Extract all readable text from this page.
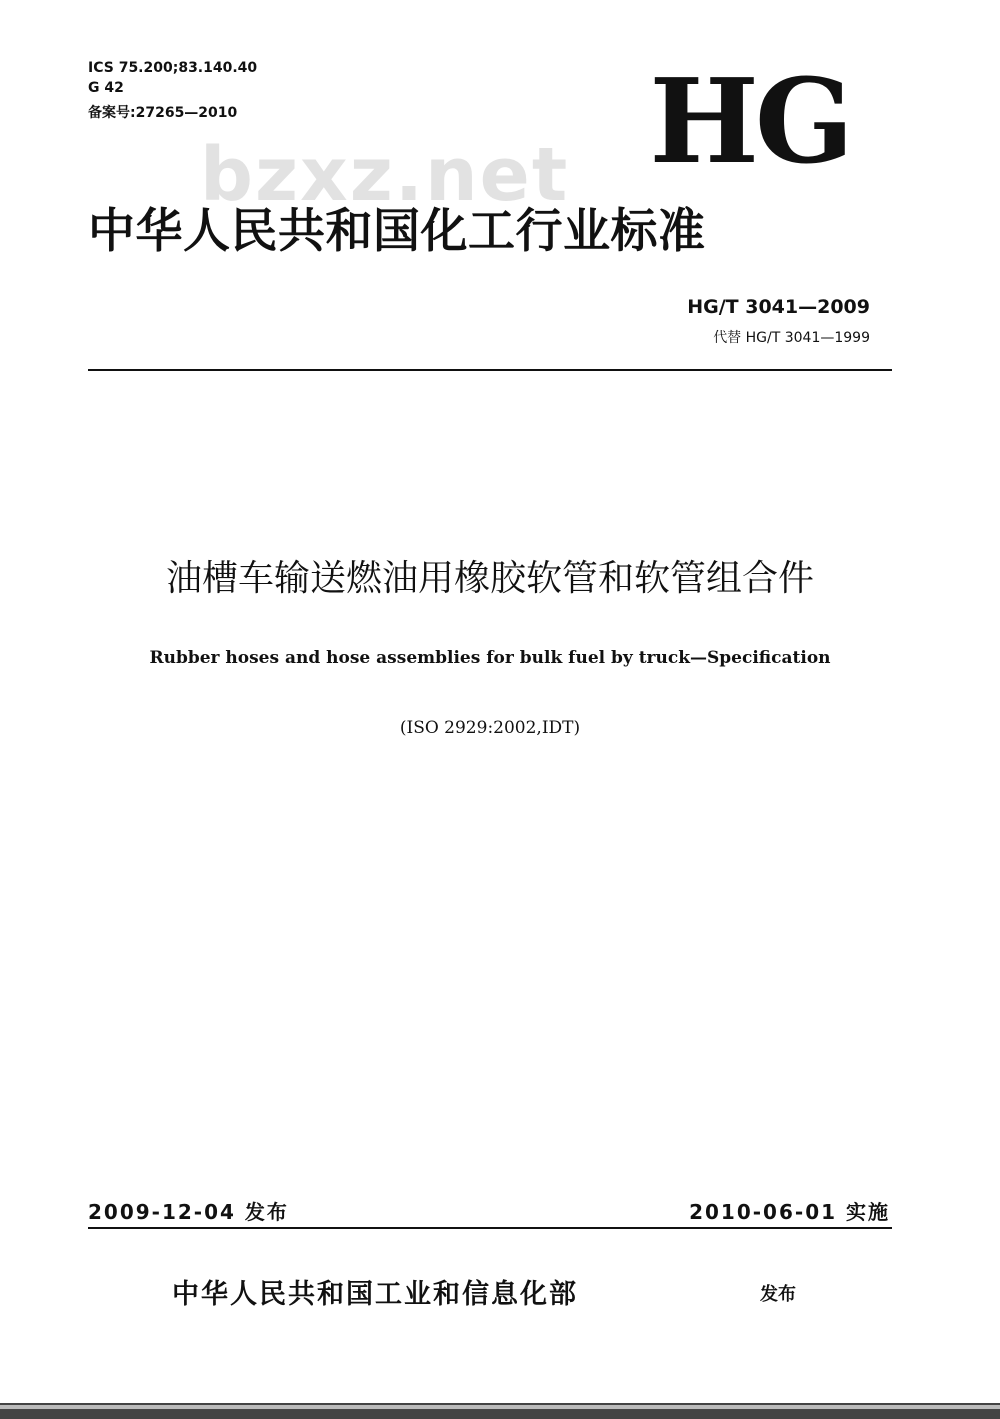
ICS 75.200;83.140.40
G 42
备案号:27265—2010	HG
bzxz.net
中华人民共和国化工行业标准
HG/T 3041—2009
代替 HG/T 3041—1999
油槽车输送燃油用橡胶软管和软管组合件
Rubber hoses and hose assemblies for bulk fuel by truck—Specification
(ISO 2929:2002,IDT)
2009-12-04 发布	2010-06-01 实施
中华人民共和国工业和信息化部	发布
